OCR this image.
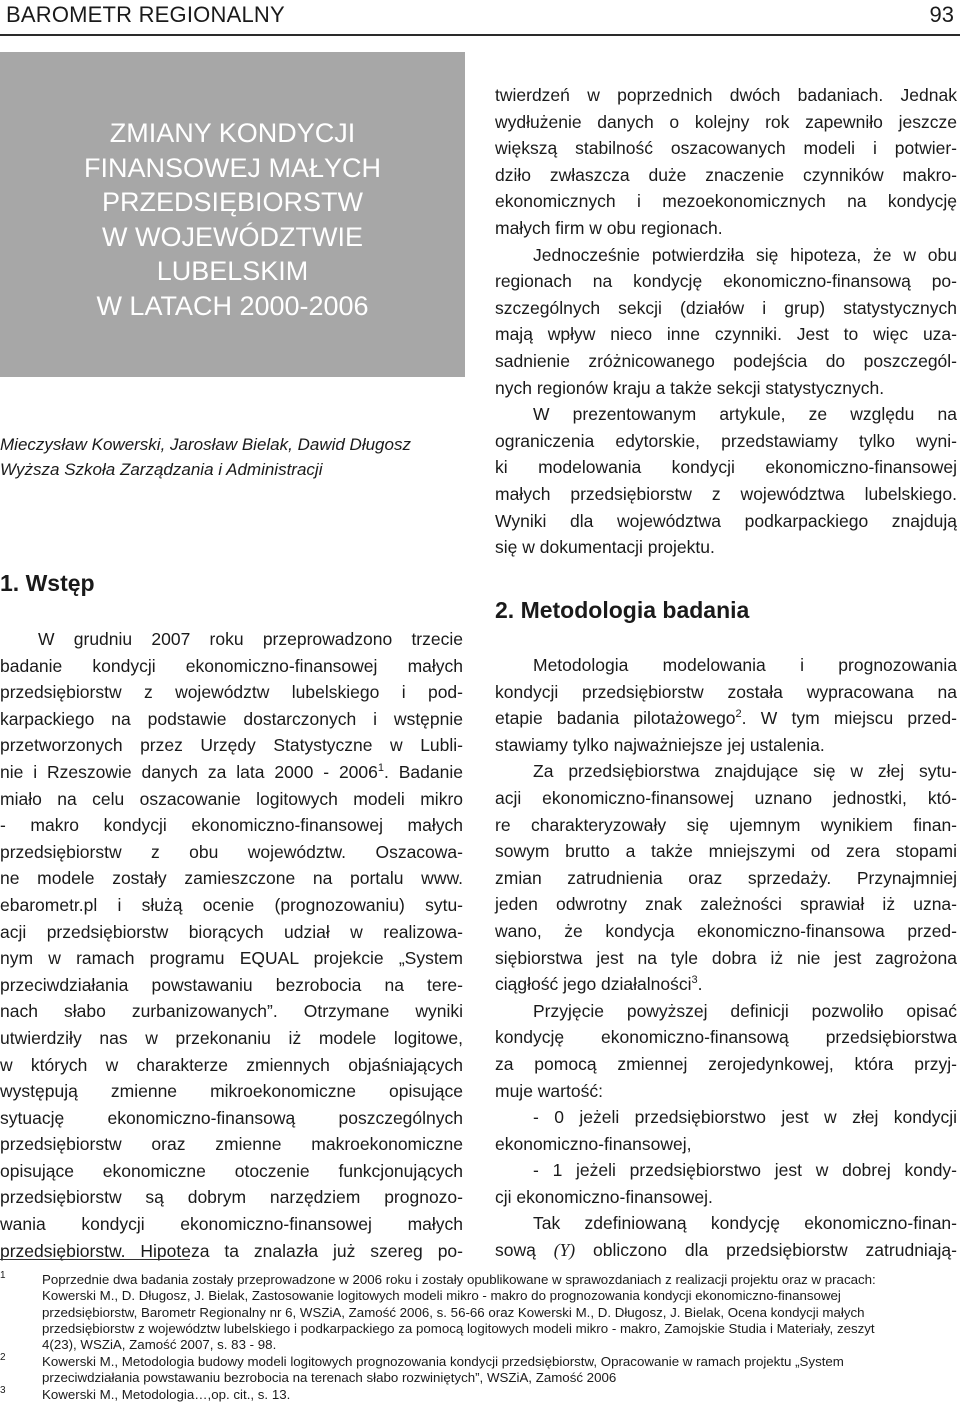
BAROMETR REGIONALNY	93
ZMIANY KONDYCJI
FINANSOWEJ MAŁYCH
PRZEDSIĘBIORSTW
W WOJEWÓDZTWIE
LUBELSKIM
W LATACH 2000-2006
Mieczysław Kowerski, Jarosław Bielak, Dawid Długosz
Wyższa Szkoła Zarządzania i Administracji
1. Wstęp
W grudniu 2007 roku przeprowadzono trzecie
badanie kondycji ekonomiczno-finansowej małych
przedsiębiorstw z województw lubelskiego i pod-
karpackiego na podstawie dostarczonych i wstępnie
przetworzonych przez Urzędy Statystyczne w Lubli-
nie i Rzeszowie danych za lata 2000 - 2006$^1$. Badanie
miało na celu oszacowanie logitowych modeli mikro
- makro kondycji ekonomiczno-finansowej małych
przedsiębiorstw z obu województw. Oszacowa-
ne modele zostały zamieszczone na portalu www.
ebarometr.pl i służą ocenie (prognozowaniu) sytu-
acji przedsiębiorstw biorących udział w realizowa-
nym w ramach programu EQUAL projekcie „System
przeciwdziałania powstawaniu bezrobocia na tere-
nach słabo zurbanizowanych”. Otrzymane wyniki
utwierdziły nas w przekonaniu iż modele logitowe,
w których w charakterze zmiennych objaśniających
występują zmienne mikroekonomiczne opisujące
sytuację ekonomiczno-finansową poszczególnych
przedsiębiorstw oraz zmienne makroekonomiczne
opisujące ekonomiczne otoczenie funkcjonujących
przedsiębiorstw są dobrym narzędziem prognozo-
wania kondycji ekonomiczno-finansowej małych
przedsiębiorstw. Hipoteza ta znalazła już szereg po-
twierdzeń w poprzednich dwóch badaniach. Jednak
wydłużenie danych o kolejny rok zapewniło jeszcze
większą stabilność oszacowanych modeli i potwier-
dziło zwłaszcza duże znaczenie czynników makro-
ekonomicznych i mezoekonomicznych na kondycję
małych firm w obu regionach.
Jednocześnie potwierdziła się hipoteza, że w obu
regionach na kondycję ekonomiczno-finansową po-
szczególnych sekcji (działów i grup) statystycznych
mają wpływ nieco inne czynniki. Jest to więc uza-
sadnienie zróżnicowanego podejścia do poszczegól-
nych regionów kraju a także sekcji statystycznych.
W prezentowanym artykule, ze względu na
ograniczenia edytorskie, przedstawiamy tylko wyni-
ki modelowania kondycji ekonomiczno-finansowej
małych przedsiębiorstw z województwa lubelskiego.
Wyniki dla województwa podkarpackiego znajdują
się w dokumentacji projektu.
2. Metodologia badania
Metodologia modelowania i prognozowania
kondycji przedsiębiorstw została wypracowana na
etapie badania pilotażowego$^2$. W tym miejscu przed-
stawiamy tylko najważniejsze jej ustalenia.
Za przedsiębiorstwa znajdujące się w złej sytu-
acji ekonomiczno-finansowej uznano jednostki, któ-
re charakteryzowały się ujemnym wynikiem finan-
sowym brutto a także mniejszymi od zera stopami
zmian zatrudnienia oraz sprzedaży. Przynajmniej
jeden odwrotny znak zależności sprawiał iż uzna-
wano, że kondycja ekonomiczno-finansowa przed-
siębiorstwa jest na tyle dobra iż nie jest zagrożona
ciągłość jego działalności$^3$.
Przyjęcie powyższej definicji pozwoliło opisać
kondycję ekonomiczno-finansową przedsiębiorstwa
za pomocą zmiennej zerojedynkowej, która przyj-
muje wartość:
- 0 jeżeli przedsiębiorstwo jest w złej kondycji
ekonomiczno-finansowej,
- 1 jeżeli przedsiębiorstwo jest w dobrej kondy-
cji ekonomiczno-finansowej.
Tak zdefiniowaną kondycję ekonomiczno-finan-
sową (Y) obliczono dla przedsiębiorstw zatrudniają-
1	Poprzednie dwa badania zostały przeprowadzone w 2006 roku i zostały opublikowane w sprawozdaniach z realizacji projektu oraz w pracach:
Kowerski M., D. Długosz, J. Bielak, Zastosowanie logitowych modeli mikro - makro do prognozowania kondycji ekonomiczno-finansowej
przedsiębiorstw, Barometr Regionalny nr 6, WSZiA, Zamość 2006, s. 56-66 oraz Kowerski M., D. Długosz, J. Bielak, Ocena kondycji małych
przedsiębiorstw z województw lubelskiego i podkarpackiego za pomocą logitowych modeli mikro - makro, Zamojskie Studia i Materiały, zeszyt
4(23), WSZiA, Zamość 2007, s. 83 - 98.
2	Kowerski M., Metodologia budowy modeli logitowych prognozowania kondycji przedsiębiorstw, Opracowanie w ramach projektu „System
przeciwdziałania powstawaniu bezrobocia na terenach słabo rozwiniętych”, WSZiA, Zamość 2006
3	Kowerski M., Metodologia…,op. cit., s. 13.
